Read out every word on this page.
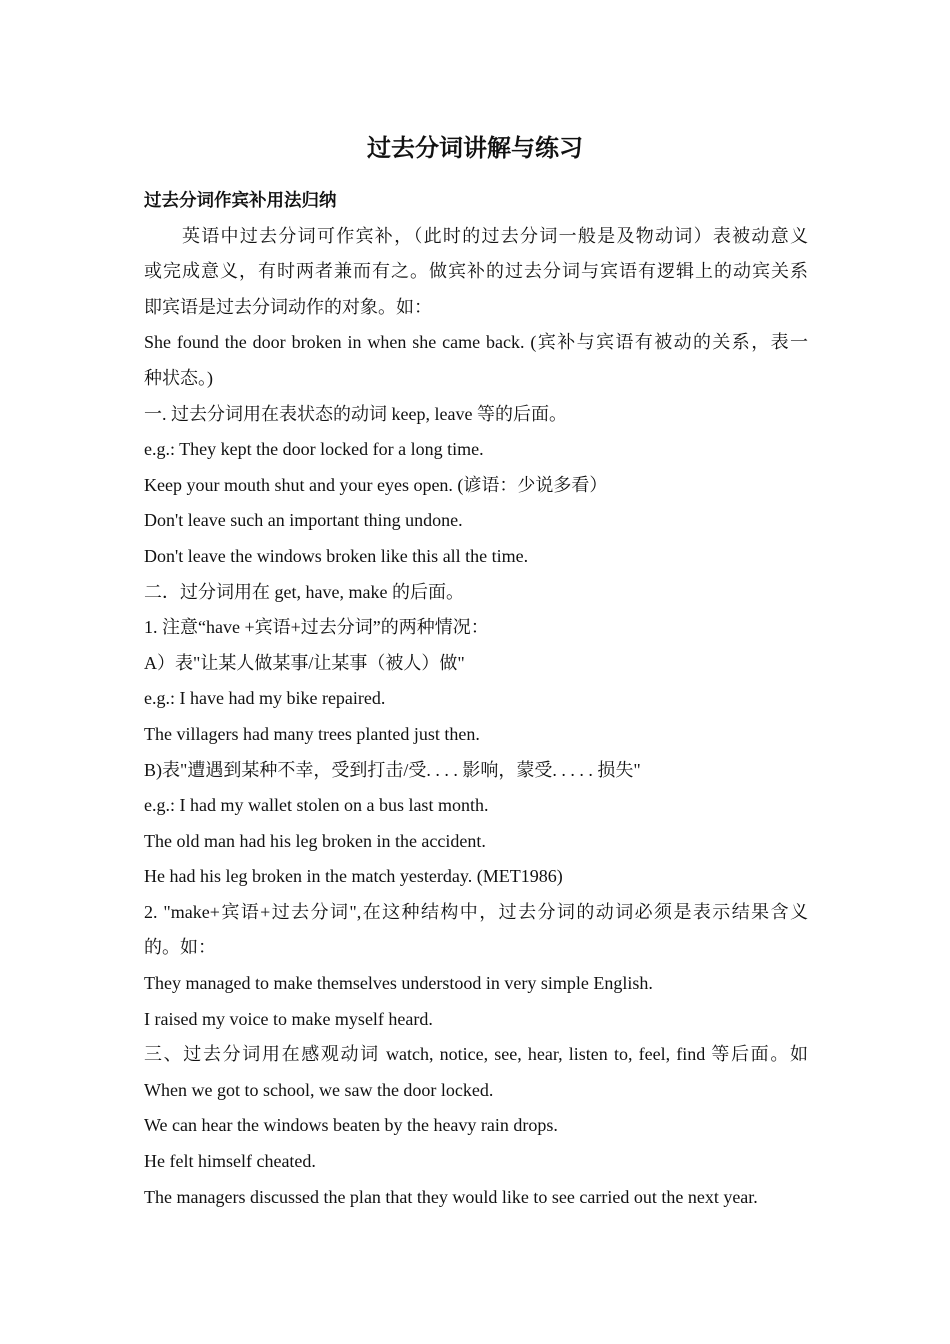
过去分词讲解与练习
过去分词作宾补用法归纳
英语中过去分词可作宾补，（此时的过去分词一般是及物动词）表被动意义
或完成意义，有时两者兼而有之。做宾补的过去分词与宾语有逻辑上的动宾关系
即宾语是过去分词动作的对象。如：
She found the door broken in when she came back. (宾补与宾语有被动的关系，表一
种状态。)
一. 过去分词用在表状态的动词 keep, leave 等的后面。
e.g.: They kept the door locked for a long time.
Keep your mouth shut and your eyes open. (谚语：少说多看）
Don't leave such an important thing undone.
Don't leave the windows broken like this all the time.
二．过分词用在 get, have, make 的后面。
1. 注意“have +宾语+过去分词”的两种情况：
A）表"让某人做某事/让某事（被人）做"
e.g.: I have had my bike repaired.
The villagers had many trees planted just then.
B)表"遭遇到某种不幸，受到打击/受. . . . 影响，蒙受. . . . . 损失"
e.g.: I had my wallet stolen on a bus last month.
The old man had his leg broken in the accident.
He had his leg broken in the match yesterday. (MET1986)
2. "make+宾语+过去分词",在这种结构中，过去分词的动词必须是表示结果含义
的。如：
They managed to make themselves understood in very simple English.
I raised my voice to make myself heard.
三、过去分词用在感观动词 watch, notice, see, hear, listen to, feel, find 等后面。如
When we got to school, we saw the door locked.
We can hear the windows beaten by the heavy rain drops.
He felt himself cheated.
The managers discussed the plan that they would like to see carried out the next year.
